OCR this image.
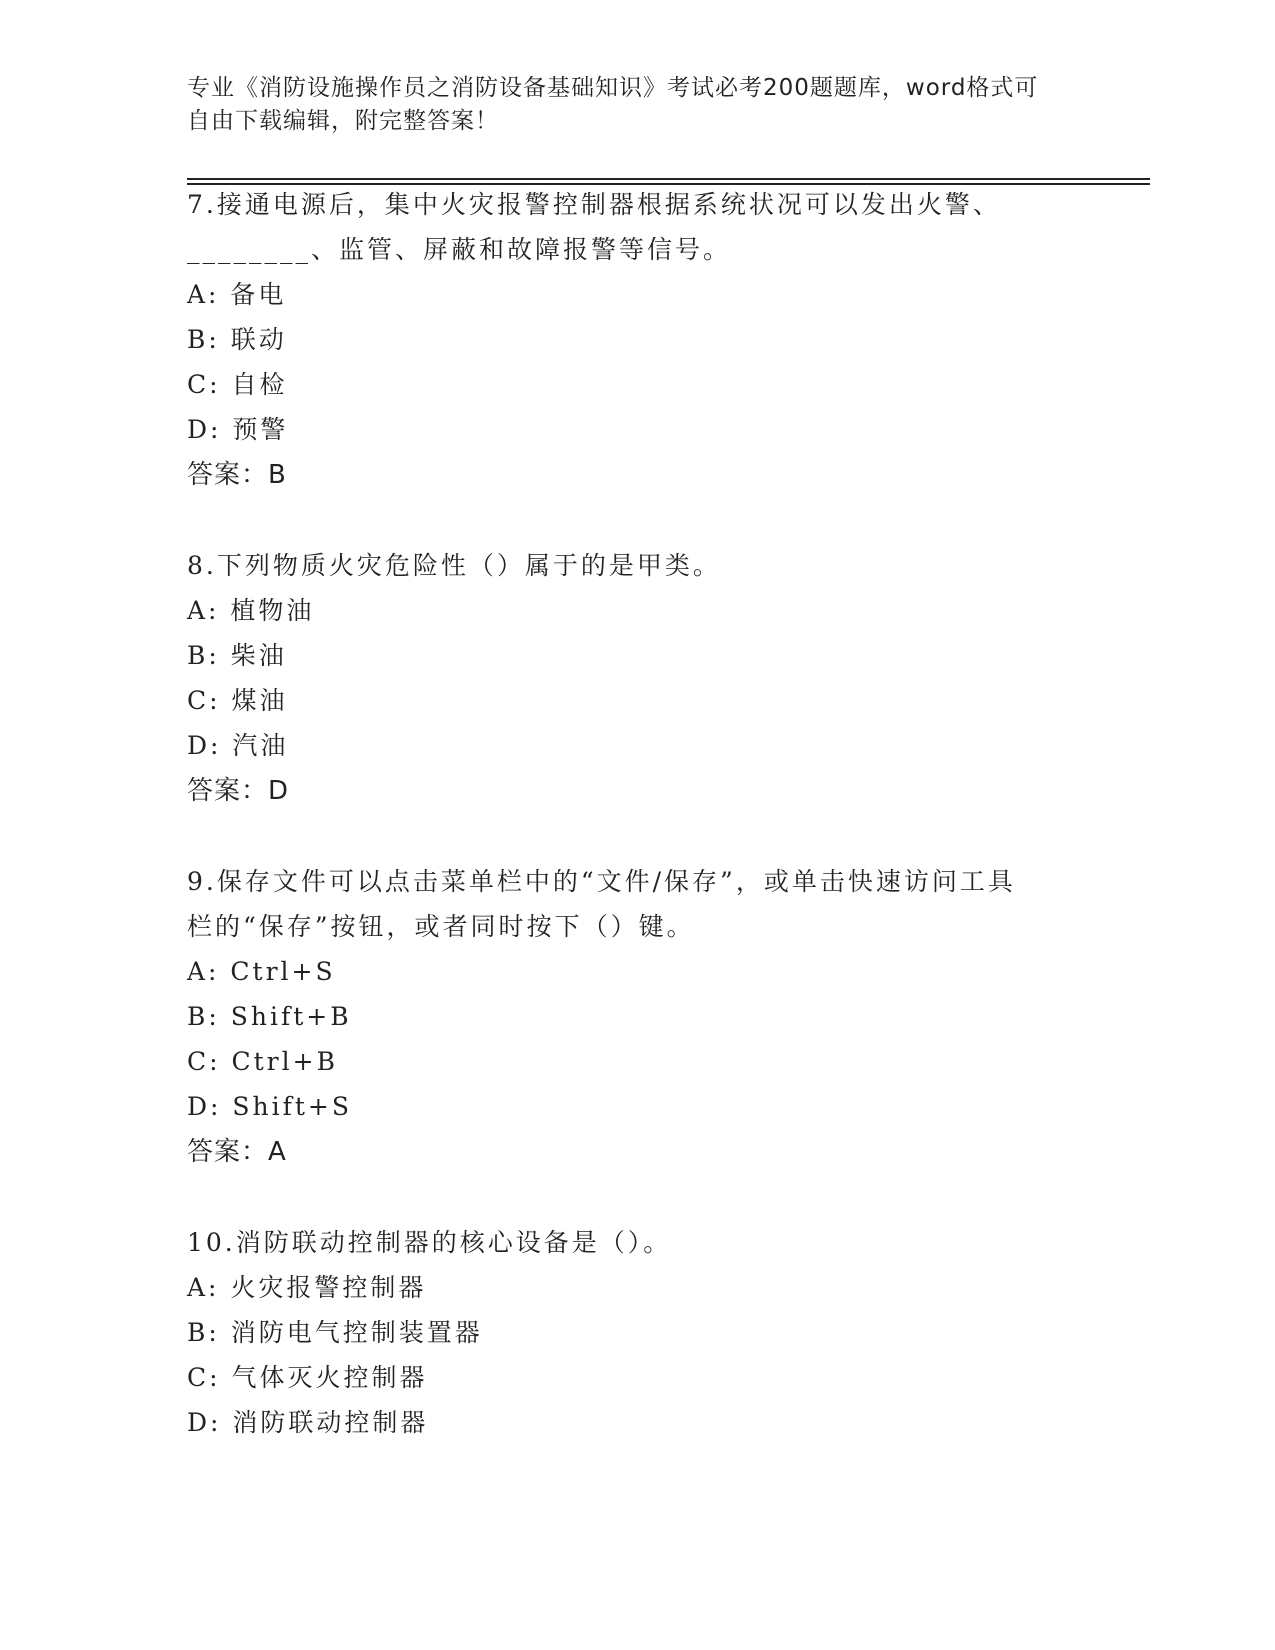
专业《消防设施操作员之消防设备基础知识》考试必考200题题库，word格式可
自由下载编辑，附完整答案！
7.接通电源后，集中火灾报警控制器根据系统状况可以发出火警、
________、监管、屏蔽和故障报警等信号。
A: 备电
B: 联动
C: 自检
D: 预警
答案：B
8.下列物质火灾危险性（）属于的是甲类。
A: 植物油
B: 柴油
C: 煤油
D: 汽油
答案：D
9.保存文件可以点击菜单栏中的“文件/保存”，或单击快速访问工具
栏的“保存”按钮，或者同时按下（）键。
A: Ctrl+S
B: Shift+B
C: Ctrl+B
D: Shift+S
答案：A
10.消防联动控制器的核心设备是（）。
A: 火灾报警控制器
B: 消防电气控制装置器
C: 气体灭火控制器
D: 消防联动控制器
